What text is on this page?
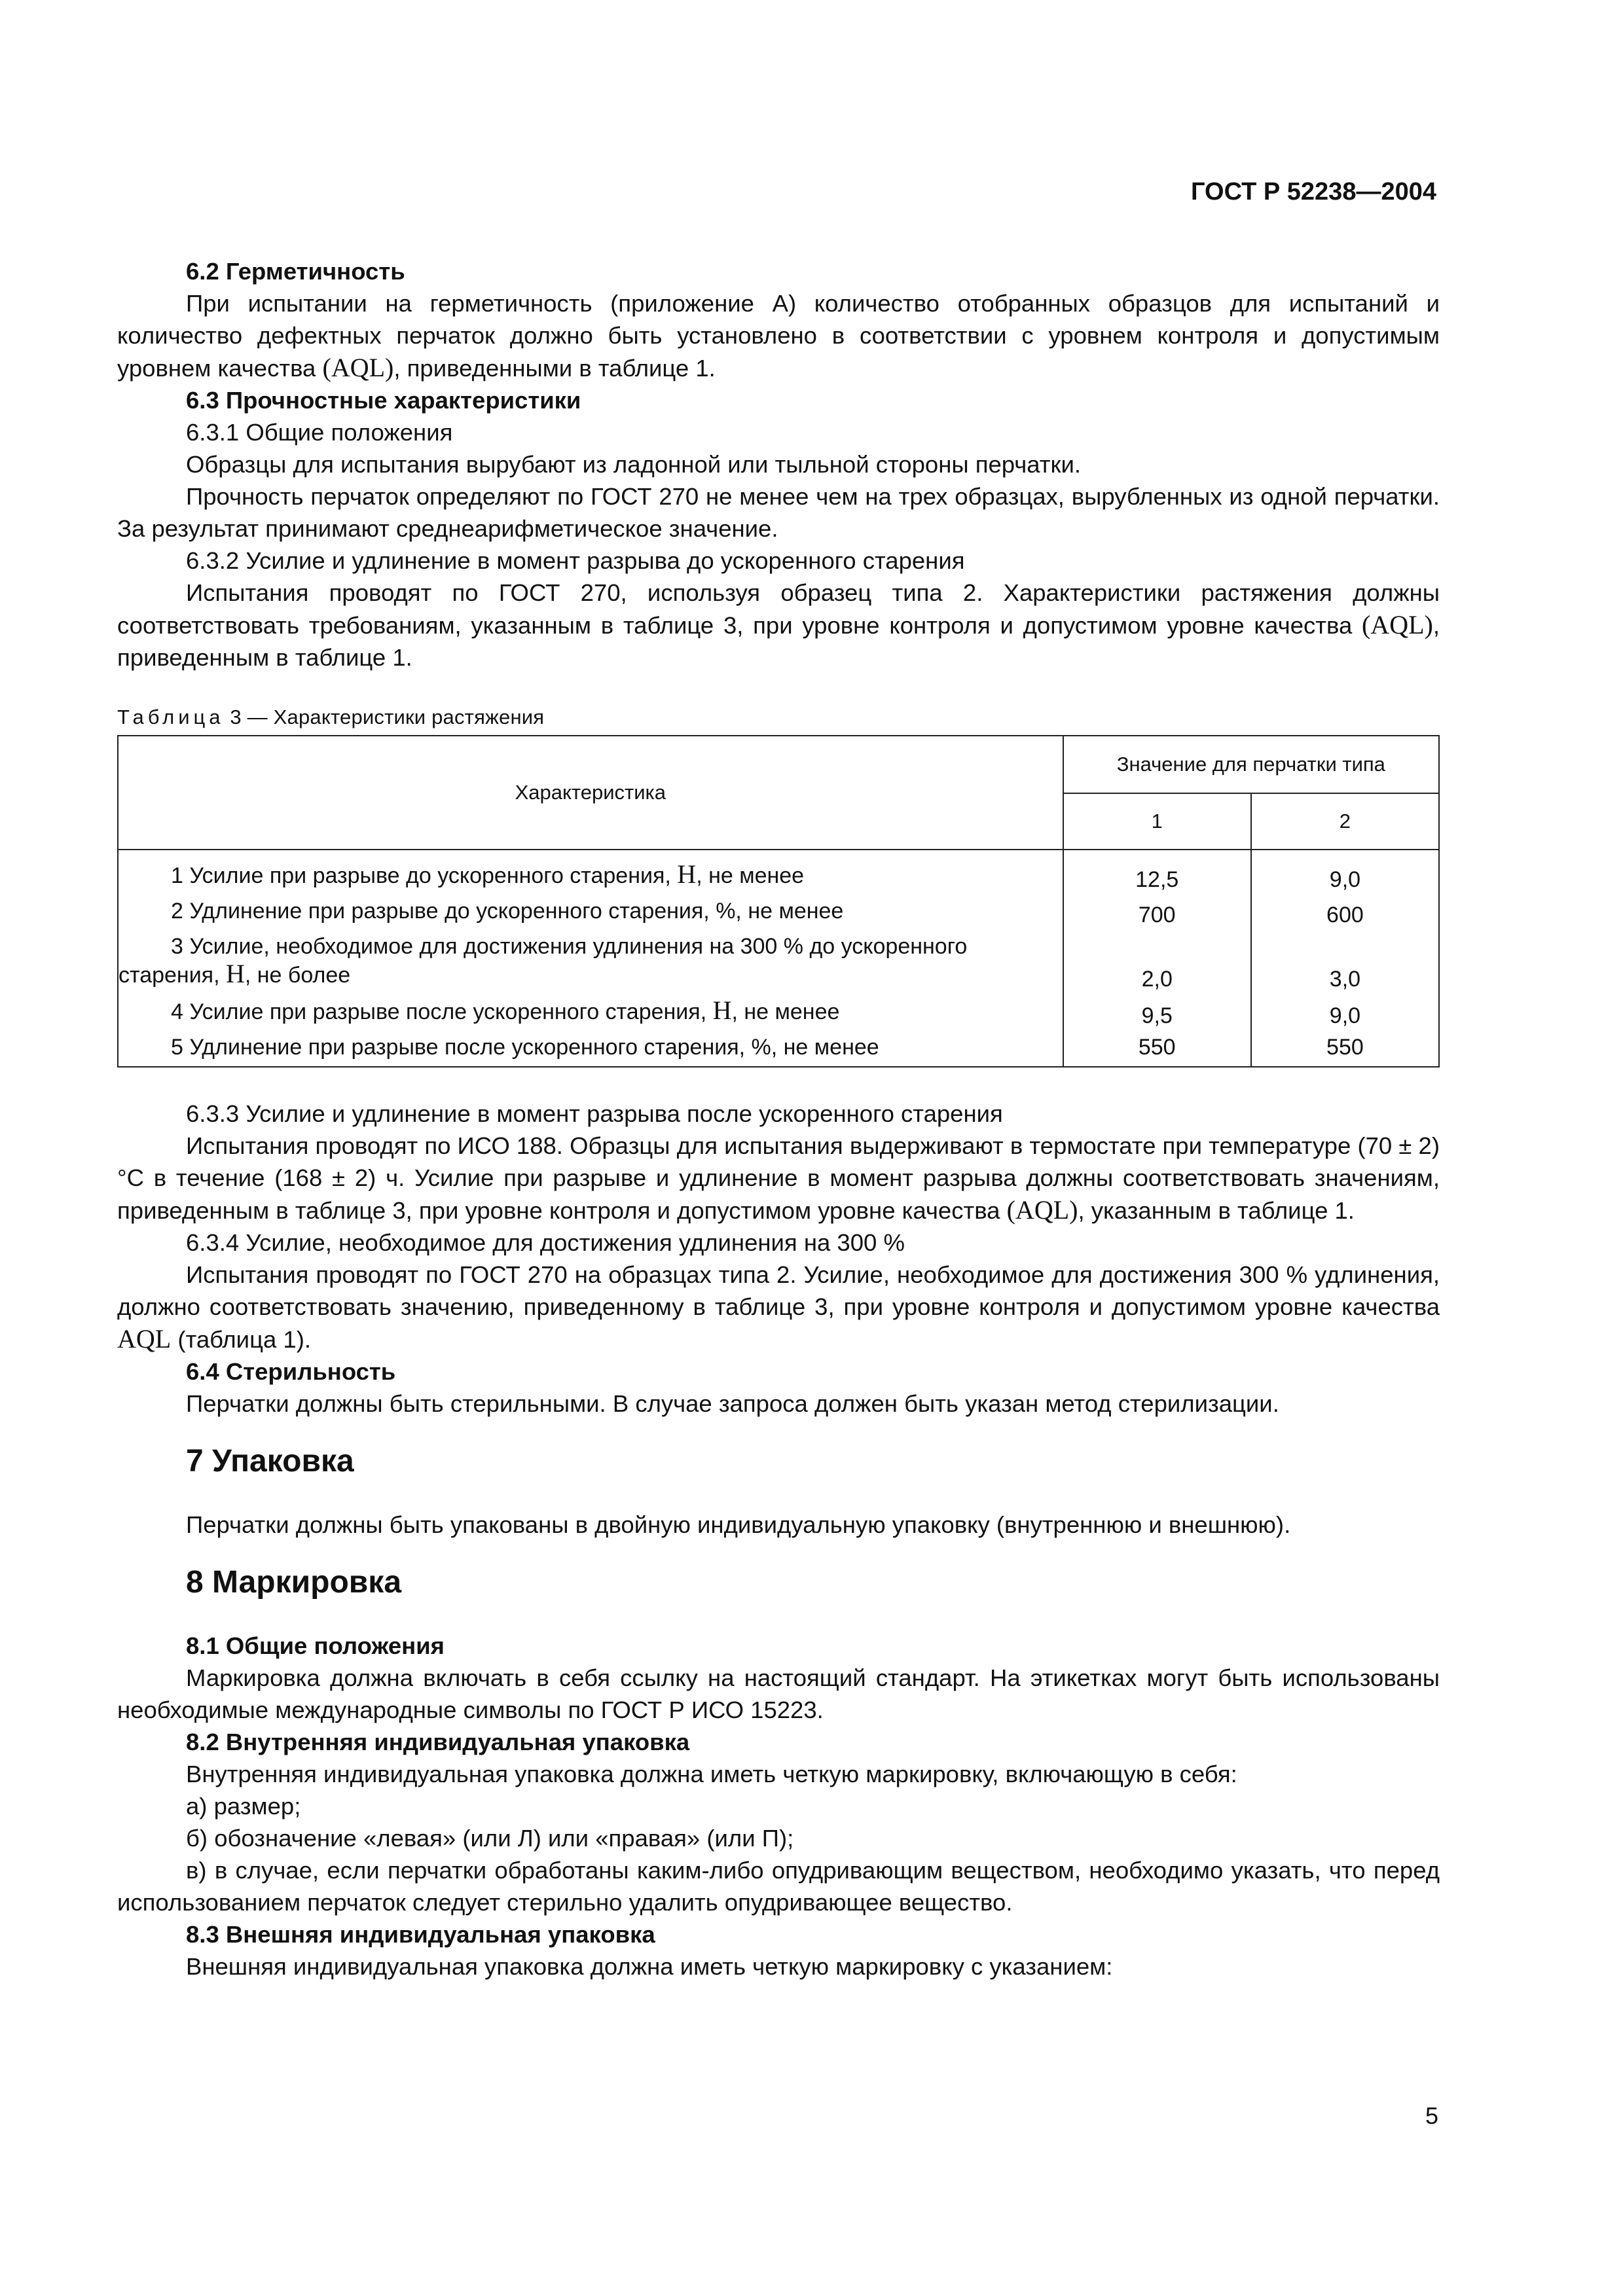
ГОСТ Р 52238—2004

6.2 Герметичность

При испытании на герметичность (приложение А) количество отобранных образцов для испытаний и количество дефектных перчаток должно быть установлено в соответствии с уровнем контроля и допустимым уровнем качества (AQL), приведенными в таблице 1.

6.3 Прочностные характеристики

6.3.1 Общие положения

Образцы для испытания вырубают из ладонной или тыльной стороны перчатки.

Прочность перчаток определяют по ГОСТ 270 не менее чем на трех образцах, вырубленных из одной перчатки. За результат принимают среднеарифметическое значение.

6.3.2 Усилие и удлинение в момент разрыва до ускоренного старения

Испытания проводят по ГОСТ 270, используя образец типа 2. Характеристики растяжения должны соответствовать требованиям, указанным в таблице 3, при уровне контроля и допустимом уровне качества (AQL), приведенным в таблице 1.

Таблица 3 — Характеристики растяжения
Характеристика	Значение для перчатки типа	
	1	2

1 Усилие при разрыве до ускоренного старения, Н, не менее	12,5	9,0

2 Удлинение при разрыве до ускоренного старения, %, не менее	700	600

3 Усилие, необходимое для достижения удлинения на 300 % до ускоренного
старения, Н, не более	2,0	3,0

4 Усилие при разрыве после ускоренного старения, Н, не менее	9,5	9,0

5 Удлинение при разрыве после ускоренного старения, %, не менее	550	550

6.3.3 Усилие и удлинение в момент разрыва после ускоренного старения

Испытания проводят по ИСО 188. Образцы для испытания выдерживают в термостате при температуре (70 ± 2) °С в течение (168 ± 2) ч. Усилие при разрыве и удлинение в момент разрыва должны соответствовать значениям, приведенным в таблице 3, при уровне контроля и допустимом уровне качества (AQL), указанным в таблице 1.

6.3.4 Усилие, необходимое для достижения удлинения на 300 %

Испытания проводят по ГОСТ 270 на образцах типа 2. Усилие, необходимое для достижения 300 % удлинения, должно соответствовать значению, приведенному в таблице 3, при уровне контроля и допустимом уровне качества AQL (таблица 1).

6.4 Стерильность

Перчатки должны быть стерильными. В случае запроса должен быть указан метод стерилизации.

7 Упаковка

Перчатки должны быть упакованы в двойную индивидуальную упаковку (внутреннюю и внешнюю).

8 Маркировка

8.1 Общие положения

Маркировка должна включать в себя ссылку на настоящий стандарт. На этикетках могут быть использованы необходимые международные символы по ГОСТ Р ИСО 15223.

8.2 Внутренняя индивидуальная упаковка

Внутренняя индивидуальная упаковка должна иметь четкую маркировку, включающую в себя:

а) размер;

б) обозначение «левая» (или Л) или «правая» (или П);

в) в случае, если перчатки обработаны каким-либо опудривающим веществом, необходимо указать, что перед использованием перчаток следует стерильно удалить опудривающее вещество.

8.3 Внешняя индивидуальная упаковка

Внешняя индивидуальная упаковка должна иметь четкую маркировку с указанием:

5
